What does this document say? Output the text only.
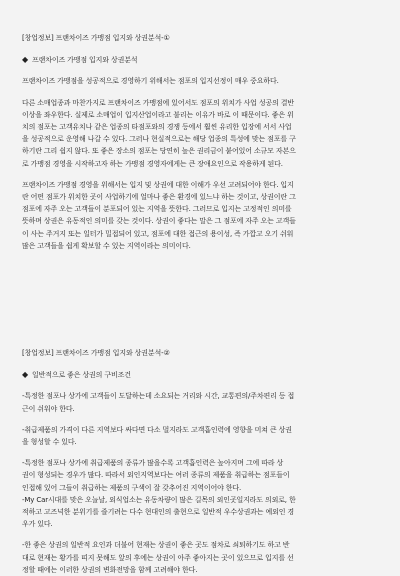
[창업정보] 프랜차이즈 가맹점 입지와 상권분석-①

◆ 프랜차이즈 가맹점 입지와 상권분석

프랜차이즈 가맹점을 성공적으로 경영하기 위해서는 점포의 입지선정이 매우 중요하다.

다른 소매업종과 마찬가지로 프랜차이즈 가맹점에 있어서도 점포의 위치가 사업 성공의 결반
이상을 좌우한다. 실제로 소매업이 입지산업이라고 불리는 이유가 바로 이 때문이다. 좋은 위
치의 점포는 고객유치나 같은 업종의 타점포와의 경쟁 등에서 훨씬 유리한 입장에 서서 사업
을 성공적으로 운영해 나갈 수 있다. 그러나 현실적으로는 해당 업종의 특성에 맞는 점포를 구
하기란 그리 쉽지 않다. 또 좋은 장소의 점포는 당연히 높은 권리금이 붙어있어 소규모 자본으
로 가맹점 경영을 시작하고자 하는 가맹점 경영자에게는 큰 장애요인으로 작용하게 된다.

프랜차이즈 가맹점 경영을 위해서는 입지 및 상권에 대한 이해가 우선 고려되어야 한다. 입지
란 어떤 점포가 위치한 곳이 사업하기에 얼마나 좋은 환경에 있느냐 하는 것이고, 상권이란 그
점포에 자주 오는 고객들이 분포되어 있는 지역을 뜻한다. 그러므로 입지는 고정적인 의미를
뜻하며 상권은 유동적인 의미를 갖는 것이다. 상권이 좋다는 말은 그 점포에 자주 오는 고객들
이 사는 주거지 또는 일터가 밀접되어 있고, 점포에 대한 접근의 용이성, 즉 가깝고 오기 쉬워
많은 고객들을 쉽게 확보할 수 있는 지역이라는 의미이다.

[창업정보] 프랜차이즈 가맹점 입지와 상권분석-②

◆ 일반적으로 좋은 상권의 구비조건

-특정한 점포나 상가에 고객들이 도달하는데 소요되는 거리와 시간, 교통편의/주차편리 등 접
근이 쉬워야 한다.

-취급제품의 가격이 다른 지역보다 싸다면 다소 멀지라도 고객흡인력에 영향을 미쳐 큰 상권
을 형성할 수 있다.

-특정한 점포나 상가에 취급제품의 종류가 많을수록 고객흡인력은 높아지며 그에 따라 상
권이 형성되는 경우가 많다. 따라서 외인지역보다는 여러 종류의 제품을 취급하는 점포들이
인접해 있어 그들이 취급하는 제품의 구색이 잘 갖추어진 지역이어야 한다.
-My Car시대를 맞은 오늘날, 외식업소는 유동차량이 많은 길목의 외인곳일지라도 의외로, 한
적하고 고즈넉한 분위기를 즐기려는 다수 현대인의 출현으로 일반적 우수상권과는 예외인 경
우가 있다.

-한 좋은 상권의 일반적 요인과 더불어 현재는 상권이 좋은 곳도 점차로 쇠퇴하기도 하고 반
대로 현재는 황가를 띠지 못해도 앞의 후에는 상권이 아주 좋아지는 곳이 있으므로 입지를 선
정할 때에는 이러한 상권의 변화전망을 함께 고려해야 한다.
